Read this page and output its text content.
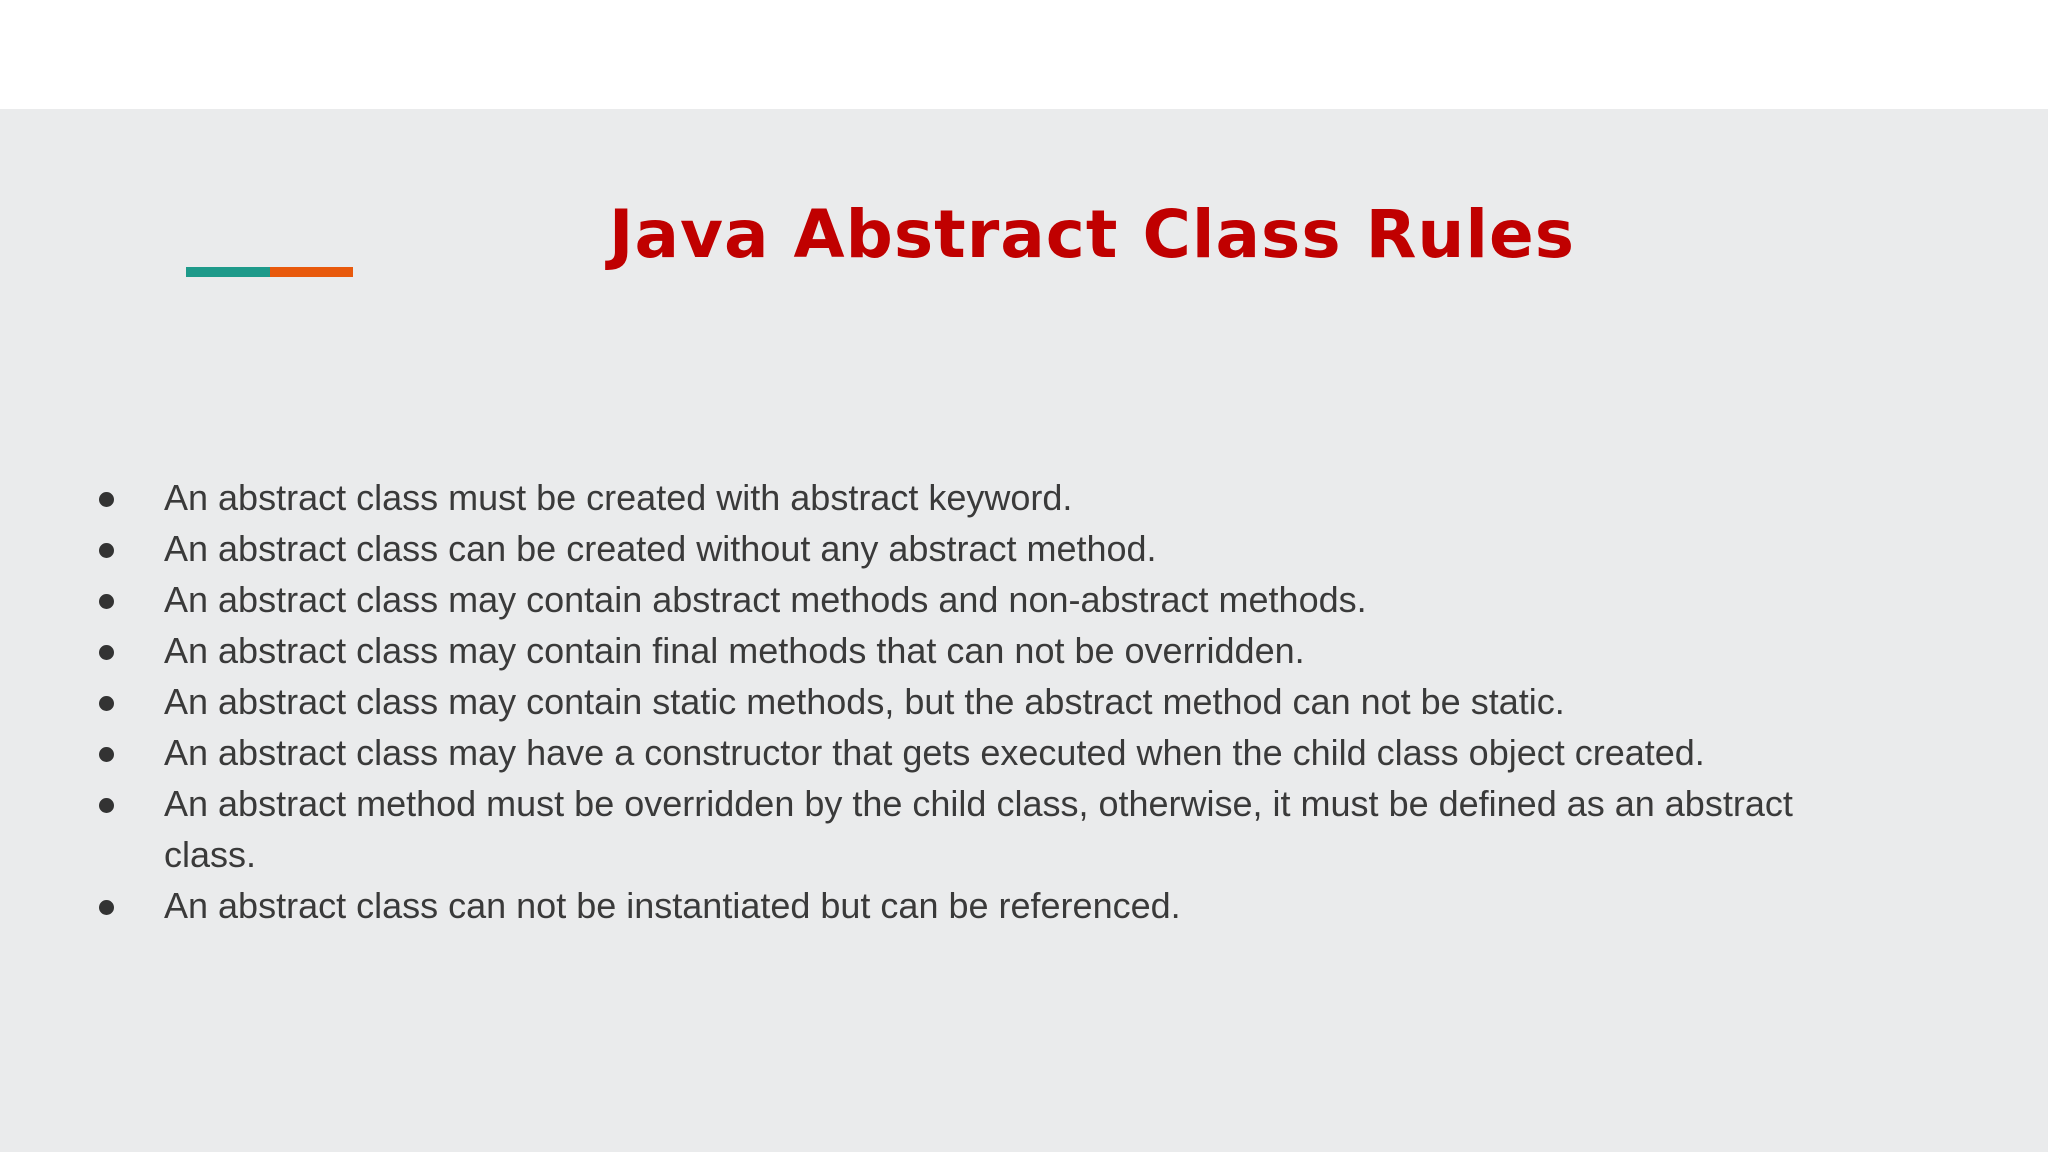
Java Abstract Class Rules
An abstract class must be created with abstract keyword.
An abstract class can be created without any abstract method.
An abstract class may contain abstract methods and non-abstract methods.
An abstract class may contain final methods that can not be overridden.
An abstract class may contain static methods, but the abstract method can not be static.
An abstract class may have a constructor that gets executed when the child class object created.
An abstract method must be overridden by the child class, otherwise, it must be defined as an abstract class.
An abstract class can not be instantiated but can be referenced.
